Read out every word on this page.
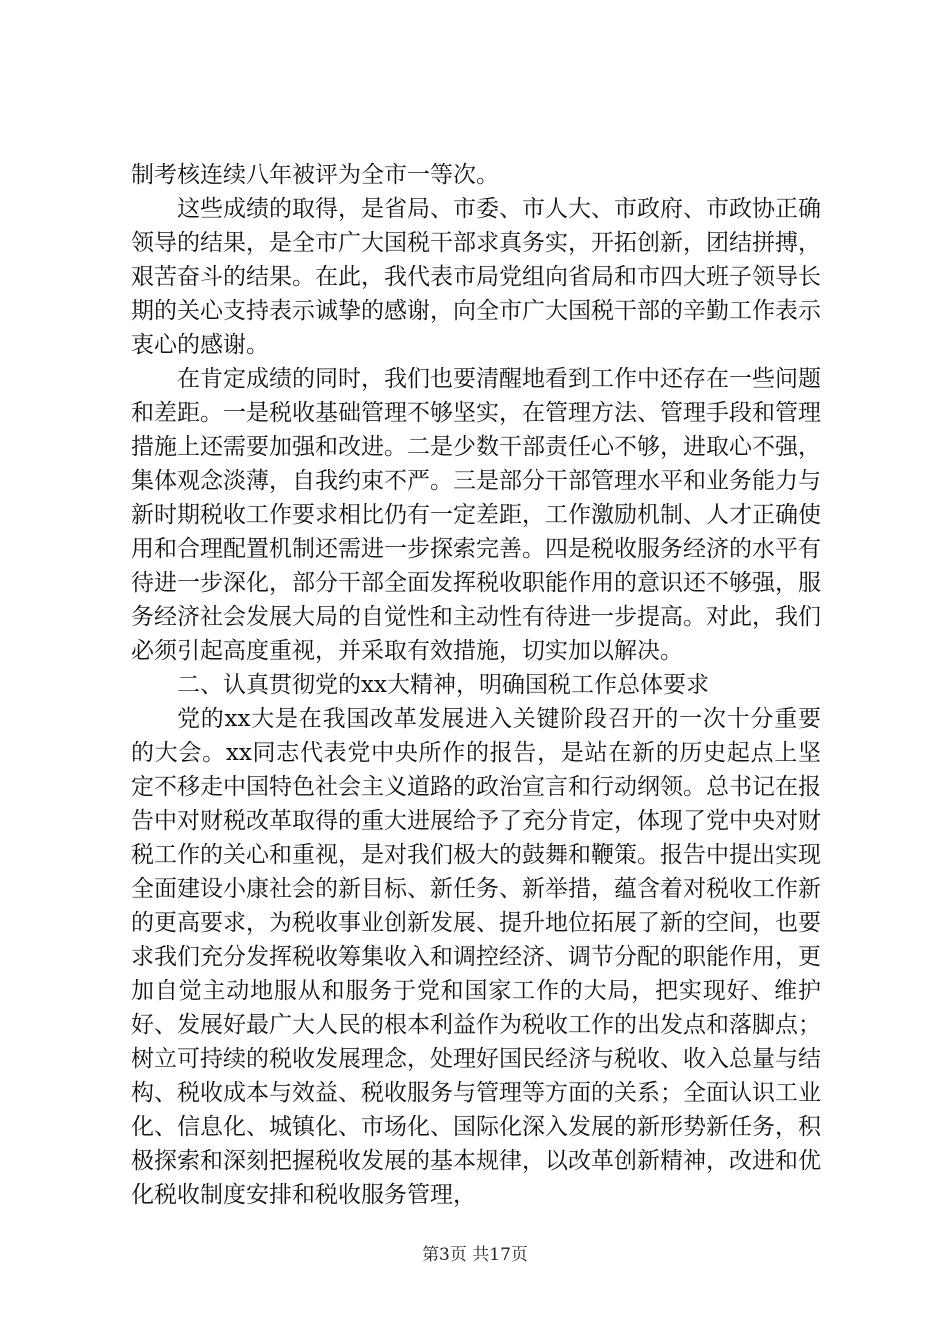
制考核连续八年被评为全市一等次。

这些成绩的取得，是省局、市委、市人大、市政府、市政协正确领导的结果，是全市广大国税干部求真务实，开拓创新，团结拼搏，艰苦奋斗的结果。在此，我代表市局党组向省局和市四大班子领导长期的关心支持表示诚挚的感谢，向全市广大国税干部的辛勤工作表示衷心的感谢。

在肯定成绩的同时，我们也要清醒地看到工作中还存在一些问题和差距。一是税收基础管理不够坚实，在管理方法、管理手段和管理措施上还需要加强和改进。二是少数干部责任心不够，进取心不强，集体观念淡薄，自我约束不严。三是部分干部管理水平和业务能力与新时期税收工作要求相比仍有一定差距，工作激励机制、人才正确使用和合理配置机制还需进一步探索完善。四是税收服务经济的水平有待进一步深化，部分干部全面发挥税收职能作用的意识还不够强，服务经济社会发展大局的自觉性和主动性有待进一步提高。对此，我们必须引起高度重视，并采取有效措施，切实加以解决。

二、认真贯彻党的xx大精神，明确国税工作总体要求

党的xx大是在我国改革发展进入关键阶段召开的一次十分重要的大会。xx同志代表党中央所作的报告，是站在新的历史起点上坚定不移走中国特色社会主义道路的政治宣言和行动纲领。总书记在报告中对财税改革取得的重大进展给予了充分肯定，体现了党中央对财税工作的关心和重视，是对我们极大的鼓舞和鞭策。报告中提出实现全面建设小康社会的新目标、新任务、新举措，蕴含着对税收工作新的更高要求，为税收事业创新发展、提升地位拓展了新的空间，也要求我们充分发挥税收筹集收入和调控经济、调节分配的职能作用，更加自觉主动地服从和服务于党和国家工作的大局，把实现好、维护好、发展好最广大人民的根本利益作为税收工作的出发点和落脚点；树立可持续的税收发展理念，处理好国民经济与税收、收入总量与结构、税收成本与效益、税收服务与管理等方面的关系；全面认识工业化、信息化、城镇化、市场化、国际化深入发展的新形势新任务，积极探索和深刻把握税收发展的基本规律，以改革创新精神，改进和优化税收制度安排和税收服务管理，

第3页 共17页
